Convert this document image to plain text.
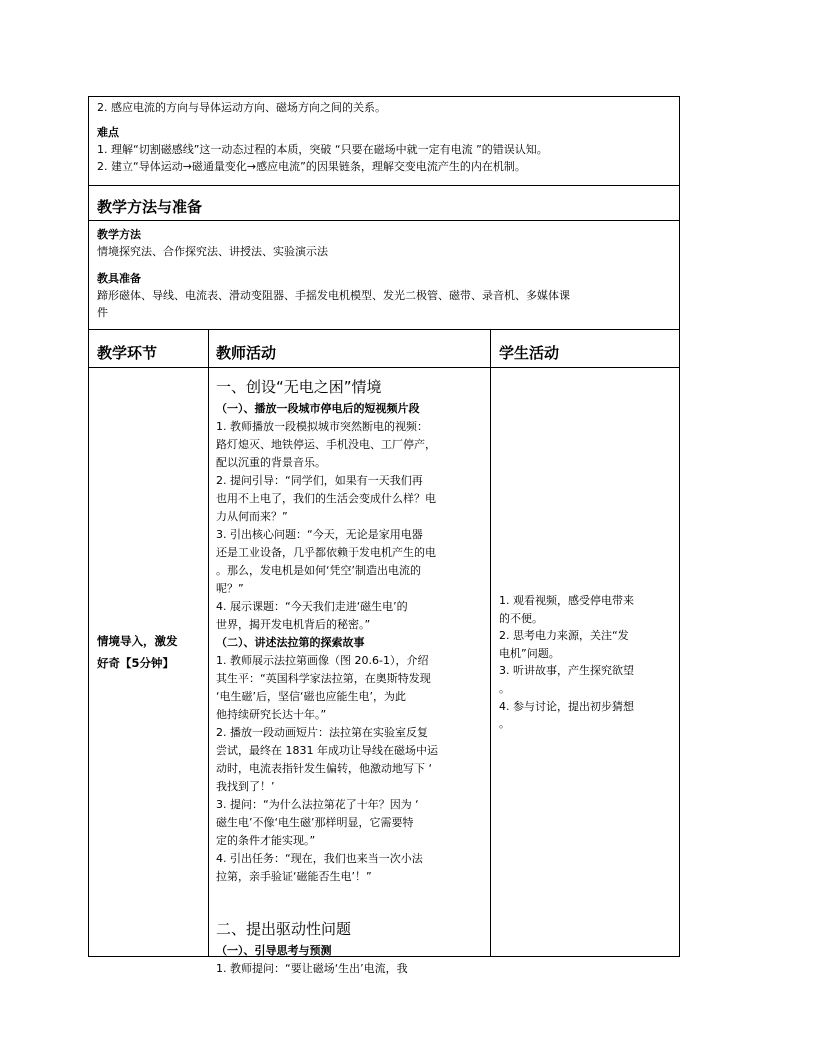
2. 感应电流的方向与导体运动方向、磁场方向之间的关系。
难点
1. 理解“切割磁感线”这一动态过程的本质，突破 “只要在磁场中就一定有电流 ”的错误认知。
2. 建立“导体运动→磁通量变化→感应电流”的因果链条，理解交变电流产生的内在机制。
教学方法与准备
教学方法
情境探究法、合作探究法、讲授法、实验演示法
教具准备
蹄形磁体、导线、电流表、滑动变阻器、手摇发电机模型、发光二极管、磁带、录音机、多媒体课
件
教学环节	教师活动	学生活动
情境导入，激发
好奇【5分钟】
一、创设“无电之困”情境
（一）、播放一段城市停电后的短视频片段
1. 教师播放一段模拟城市突然断电的视频：
路灯熄灭、地铁停运、手机没电、工厂停产，
配以沉重的背景音乐。
2. 提问引导：“同学们，如果有一天我们再
也用不上电了，我们的生活会变成什么样？电
力从何而来？”
3. 引出核心问题：“今天，无论是家用电器
还是工业设备，几乎都依赖于发电机产生的电
。那么，发电机是如何‘凭空’制造出电流的
呢？”
4. 展示课题：“今天我们走进‘磁生电’的
世界，揭开发电机背后的秘密。”
（二）、讲述法拉第的探索故事
1. 教师展示法拉第画像（图 20.6-1），介绍
其生平：“英国科学家法拉第，在奥斯特发现
‘电生磁’后，坚信‘磁也应能生电’，为此
他持续研究长达十年。”
2. 播放一段动画短片：法拉第在实验室反复
尝试，最终在 1831 年成功让导线在磁场中运
动时，电流表指针发生偏转，他激动地写下 ‘
我找到了！’
3. 提问：“为什么法拉第花了十年？因为 ‘
磁生电’不像‘电生磁’那样明显，它需要特
定的条件才能实现。”
4. 引出任务：“现在，我们也来当一次小法
拉第，亲手验证‘磁能否生电’！”
二、提出驱动性问题
（一）、引导思考与预测
1. 教师提问：“要让磁场‘生出’电流，我
1. 观看视频，感受停电带来
的不便。
2. 思考电力来源，关注“发
电机”问题。
3. 听讲故事，产生探究欲望
。
4. 参与讨论，提出初步猜想
。
